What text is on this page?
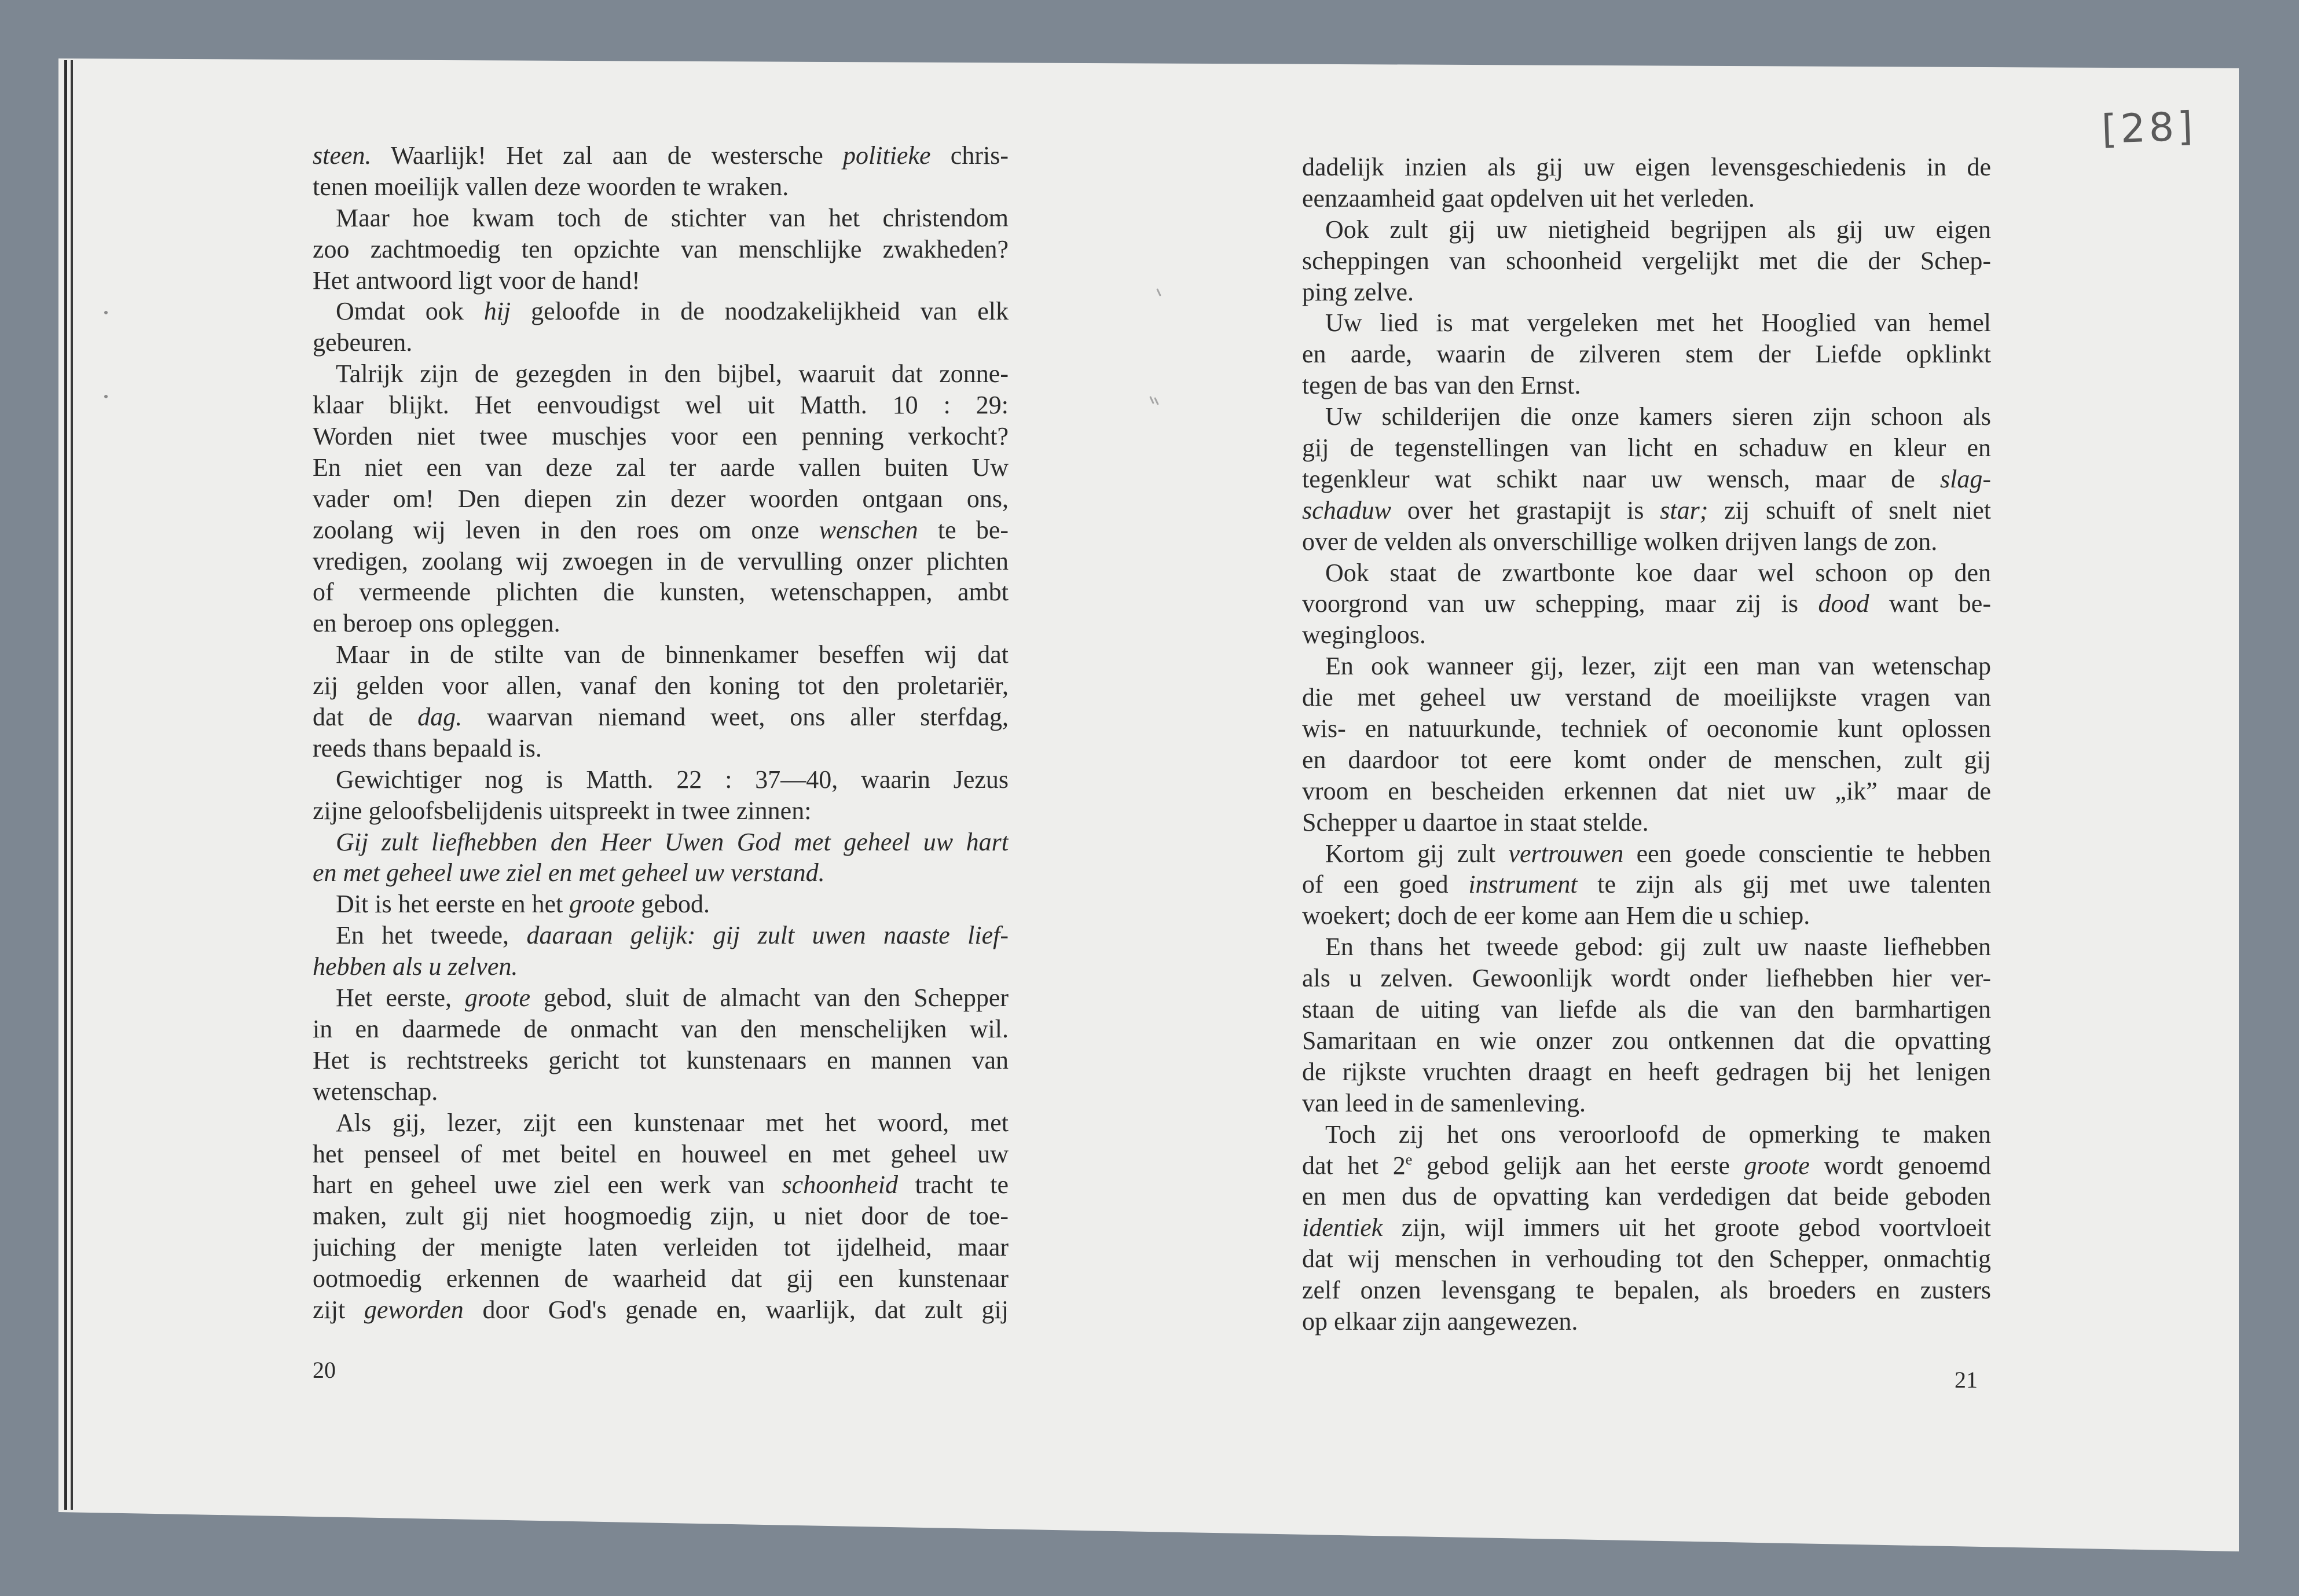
[28]
steen. Waarlijk! Het zal aan de westersche politieke chris-
tenen moeilijk vallen deze woorden te wraken.
Maar hoe kwam toch de stichter van het christendom
zoo zachtmoedig ten opzichte van menschlijke zwakheden?
Het antwoord ligt voor de hand!
Omdat ook hij geloofde in de noodzakelijkheid van elk
gebeuren.
Talrijk zijn de gezegden in den bijbel, waaruit dat zonne-
klaar blijkt. Het eenvoudigst wel uit Matth. 10 : 29:
Worden niet twee muschjes voor een penning verkocht?
En niet een van deze zal ter aarde vallen buiten Uw
vader om! Den diepen zin dezer woorden ontgaan ons,
zoolang wij leven in den roes om onze wenschen te be-
vredigen, zoolang wij zwoegen in de vervulling onzer plichten
of vermeende plichten die kunsten, wetenschappen, ambt
en beroep ons opleggen.
Maar in de stilte van de binnenkamer beseffen wij dat
zij gelden voor allen, vanaf den koning tot den proletariër,
dat de dag. waarvan niemand weet, ons aller sterfdag,
reeds thans bepaald is.
Gewichtiger nog is Matth. 22 : 37—40, waarin Jezus
zijne geloofsbelijdenis uitspreekt in twee zinnen:
Gij zult liefhebben den Heer Uwen God met geheel uw hart
en met geheel uwe ziel en met geheel uw verstand.
Dit is het eerste en het groote gebod.
En het tweede, daaraan gelijk: gij zult uwen naaste lief-
hebben als u zelven.
Het eerste, groote gebod, sluit de almacht van den Schepper
in en daarmede de onmacht van den menschelijken wil.
Het is rechtstreeks gericht tot kunstenaars en mannen van
wetenschap.
Als gij, lezer, zijt een kunstenaar met het woord, met
het penseel of met beitel en houweel en met geheel uw
hart en geheel uwe ziel een werk van schoonheid tracht te
maken, zult gij niet hoogmoedig zijn, u niet door de toe-
juiching der menigte laten verleiden tot ijdelheid, maar
ootmoedig erkennen de waarheid dat gij een kunstenaar
zijt geworden door God's genade en, waarlijk, dat zult gij
dadelijk inzien als gij uw eigen levensgeschiedenis in de
eenzaamheid gaat opdelven uit het verleden.
Ook zult gij uw nietigheid begrijpen als gij uw eigen
scheppingen van schoonheid vergelijkt met die der Schep-
ping zelve.
Uw lied is mat vergeleken met het Hooglied van hemel
en aarde, waarin de zilveren stem der Liefde opklinkt
tegen de bas van den Ernst.
Uw schilderijen die onze kamers sieren zijn schoon als
gij de tegenstellingen van licht en schaduw en kleur en
tegenkleur wat schikt naar uw wensch, maar de slag-
schaduw over het grastapijt is star; zij schuift of snelt niet
over de velden als onverschillige wolken drijven langs de zon.
Ook staat de zwartbonte koe daar wel schoon op den
voorgrond van uw schepping, maar zij is dood want be-
wegingloos.
En ook wanneer gij, lezer, zijt een man van wetenschap
die met geheel uw verstand de moeilijkste vragen van
wis- en natuurkunde, techniek of oeconomie kunt oplossen
en daardoor tot eere komt onder de menschen, zult gij
vroom en bescheiden erkennen dat niet uw „ik” maar de
Schepper u daartoe in staat stelde.
Kortom gij zult vertrouwen een goede conscientie te hebben
of een goed instrument te zijn als gij met uwe talenten
woekert; doch de eer kome aan Hem die u schiep.
En thans het tweede gebod: gij zult uw naaste liefhebben
als u zelven. Gewoonlijk wordt onder liefhebben hier ver-
staan de uiting van liefde als die van den barmhartigen
Samaritaan en wie onzer zou ontkennen dat die opvatting
de rijkste vruchten draagt en heeft gedragen bij het lenigen
van leed in de samenleving.
Toch zij het ons veroorloofd de opmerking te maken
dat het 2e gebod gelijk aan het eerste groote wordt genoemd
en men dus de opvatting kan verdedigen dat beide geboden
identiek zijn, wijl immers uit het groote gebod voortvloeit
dat wij menschen in verhouding tot den Schepper, onmachtig
zelf onzen levensgang te bepalen, als broeders en zusters
op elkaar zijn aangewezen.
20	21
